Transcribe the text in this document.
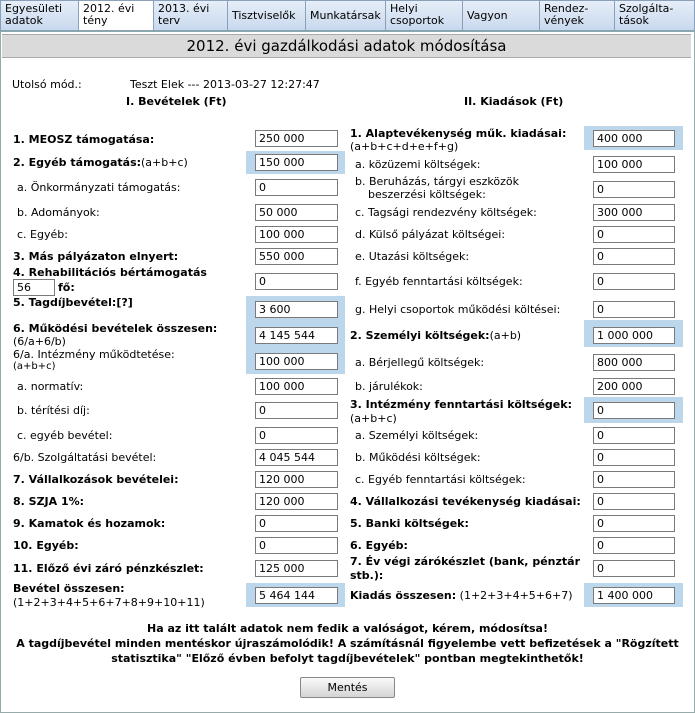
Egyesületi
adatok
2012. évi
tény
2013. évi
terv	Tisztviselők	Munkatársak
Helyi
csoportok	Vagyon
Rendez-
vények
Szolgálta-
tások
2012. évi gazdálkodási adatok módosítása
Utolsó mód.:	Teszt Elek --- 2013-03-27 12:27:47
I. Bevételek (Ft)	II. Kiadások (Ft)
1. MEOSZ támogatása:
250 000
2. Egyéb támogatás:(a+b+c)
150 000
a. Önkormányzati támogatás:
0
b. Adományok:
50 000
c. Egyéb:
100 000
3. Más pályázaton elnyert:
550 000
4. Rehabilitációs bértámogatás
56
fő:
0
5. Tagdíjbevétel:[?]
3 600
6. Működési bevételek összesen:
(6/a+6/b)
4 145 544
6/a. Intézmény működtetése:
(a+b+c)
100 000
a. normatív:
100 000
b. térítési díj:
0
c. egyéb bevétel:
0
6/b. Szolgáltatási bevétel:
4 045 544
7. Vállalkozások bevételei:
120 000
8. SZJA 1%:
120 000
9. Kamatok és hozamok:
0
10. Egyéb:
0
11. Előző évi záró pénzkészlet:
125 000
Bevétel összesen:
(1+2+3+4+5+6+7+8+9+10+11)
5 464 144
1. Alaptevékenység műk. kiadásai:
(a+b+c+d+e+f+g)
400 000
a. közüzemi költségek:
100 000
b. Beruházás, tárgyi eszközök
beszerzési költségek:
0
c. Tagsági rendezvény költségek:
300 000
d. Külső pályázat költségei:
0
e. Utazási költségek:
0
f. Egyéb fenntartási költségek:
0
g. Helyi csoportok működési költései:
0
2. Személyi költségek:(a+b)
1 000 000
a. Bérjellegű költségek:
800 000
b. járulékok:
200 000
3. Intézmény fenntartási költségek:
(a+b+c)
0
a. Személyi költségek:
0
b. Működési költségek:
0
c. Egyéb fenntartási költségek:
0
4. Vállalkozási tevékenység kiadásai:
0
5. Banki költségek:
0
6. Egyéb:
0
7. Év végi zárókészlet (bank, pénztár
stb.):
0
Kiadás összesen: (1+2+3+4+5+6+7)
1 400 000
Ha az itt talált adatok nem fedik a valóságot, kérem, módosítsa!
A tagdíjbevétel minden mentéskor újraszámolódik! A számításnál figyelembe vett befizetések a "Rögzített
statisztika" "Előző évben befolyt tagdíjbevételek" pontban megtekinthetők!
Mentés
